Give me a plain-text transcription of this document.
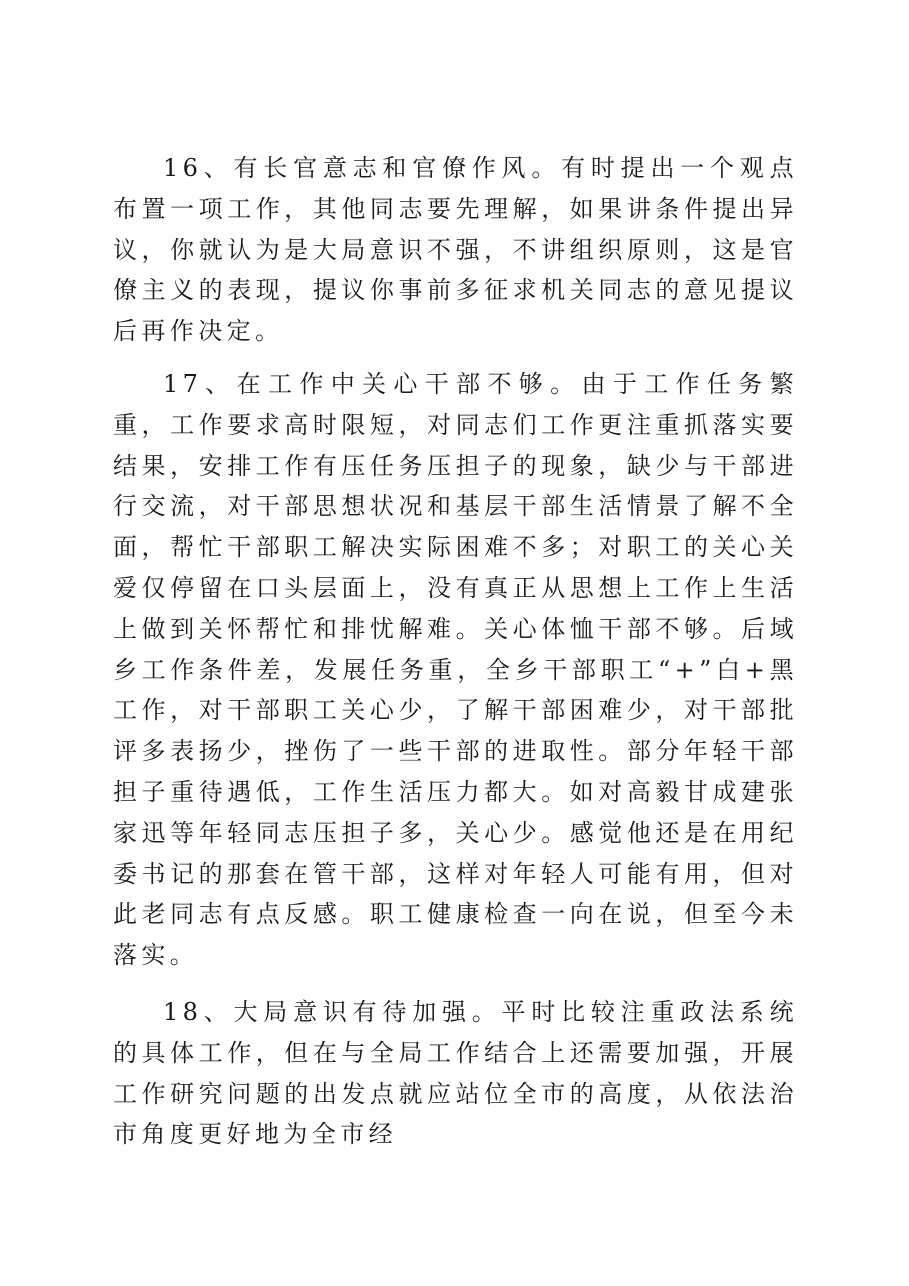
16、有长官意志和官僚作风。有时提出一个观点布置一项工作，其他同志要先理解，如果讲条件提出异议，你就认为是大局意识不强，不讲组织原则，这是官僚主义的表现，提议你事前多征求机关同志的意见提议后再作决定。

17、在工作中关心干部不够。由于工作任务繁重，工作要求高时限短，对同志们工作更注重抓落实要结果，安排工作有压任务压担子的现象，缺少与干部进行交流，对干部思想状况和基层干部生活情景了解不全面，帮忙干部职工解决实际困难不多；对职工的关心关爱仅停留在口头层面上，没有真正从思想上工作上生活上做到关怀帮忙和排忧解难。关心体恤干部不够。后域乡工作条件差，发展任务重，全乡干部职工“+”白+黑工作，对干部职工关心少，了解干部困难少，对干部批评多表扬少，挫伤了一些干部的进取性。部分年轻干部担子重待遇低，工作生活压力都大。如对高毅甘成建张家迅等年轻同志压担子多，关心少。感觉他还是在用纪委书记的那套在管干部，这样对年轻人可能有用，但对此老同志有点反感。职工健康检查一向在说，但至今未落实。

18、大局意识有待加强。平时比较注重政法系统的具体工作，但在与全局工作结合上还需要加强，开展工作研究问题的出发点就应站位全市的高度，从依法治市角度更好地为全市经
